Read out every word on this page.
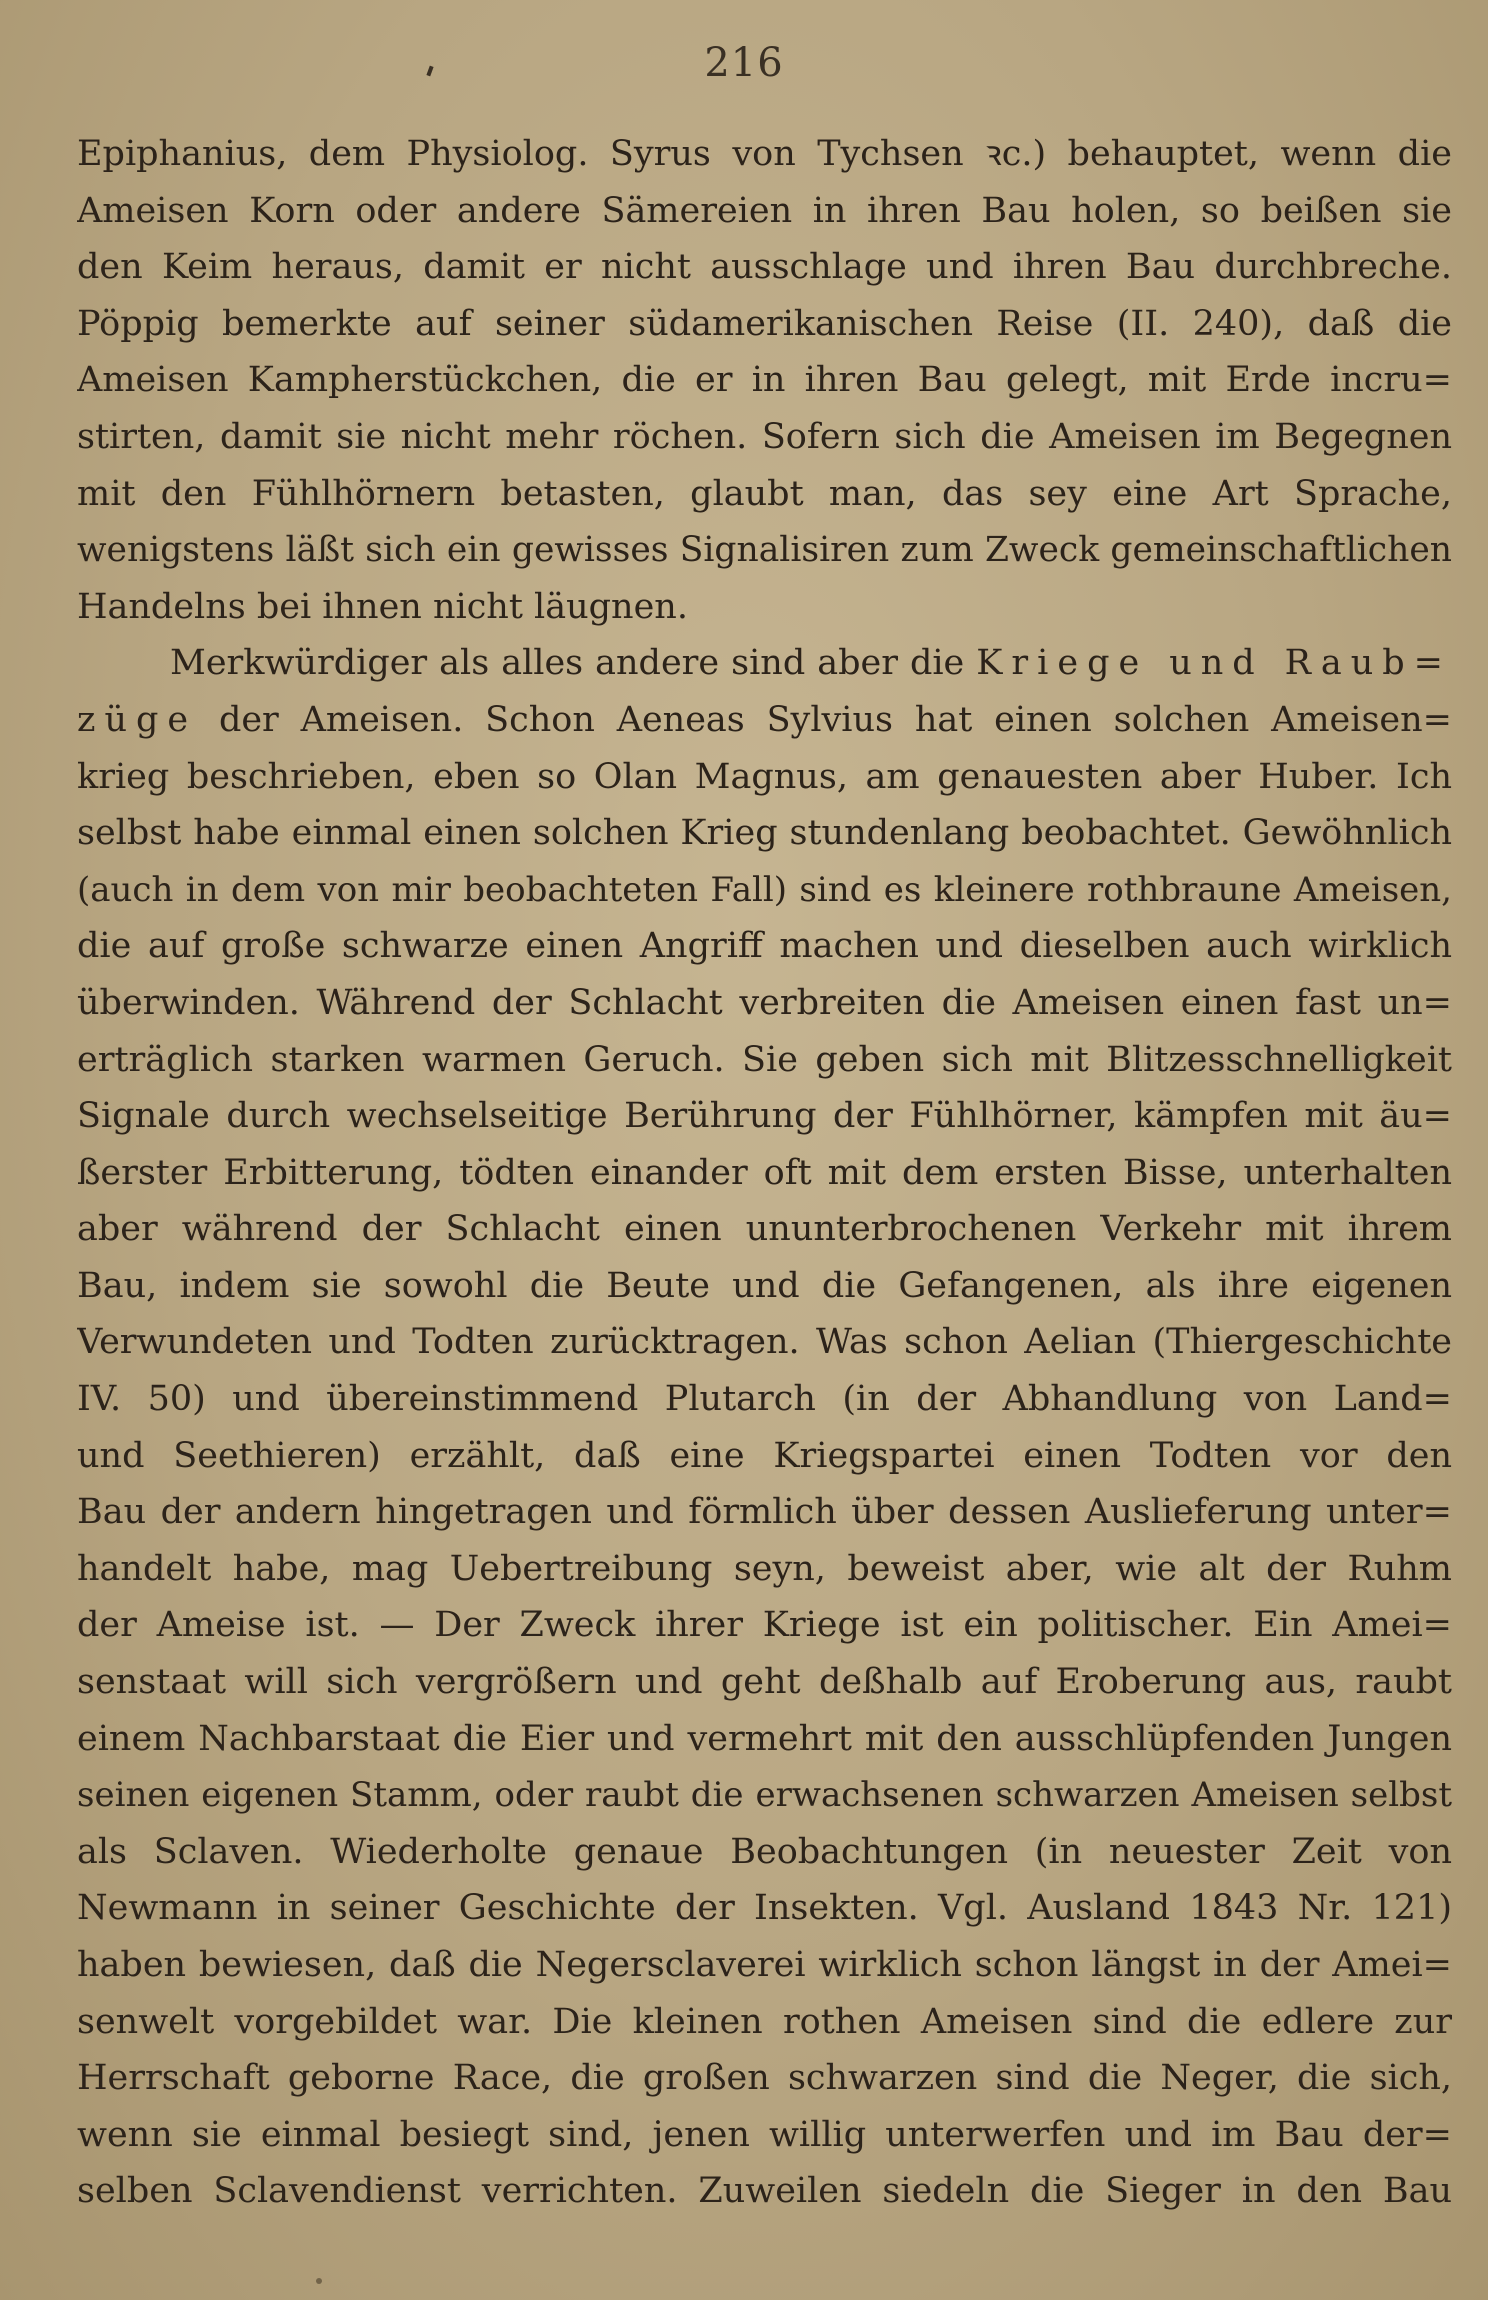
216
Epiphanius, dem Physiolog. Syrus von Tychsen ꝛc.) behauptet, wenn die
Ameisen Korn oder andere Sämereien in ihren Bau holen, so beißen sie
den Keim heraus, damit er nicht ausschlage und ihren Bau durchbreche.
Pöppig bemerkte auf seiner südamerikanischen Reise (II. 240), daß die
Ameisen Kampherstückchen, die er in ihren Bau gelegt, mit Erde incru=
stirten, damit sie nicht mehr röchen. Sofern sich die Ameisen im Begegnen
mit den Fühlhörnern betasten, glaubt man, das sey eine Art Sprache,
wenigstens läßt sich ein gewisses Signalisiren zum Zweck gemeinschaftlichen
Handelns bei ihnen nicht läugnen.
Merkwürdiger als alles andere sind aber die Kriege und Raub=
züge der Ameisen. Schon Aeneas Sylvius hat einen solchen Ameisen=
krieg beschrieben, eben so Olan Magnus, am genauesten aber Huber. Ich
selbst habe einmal einen solchen Krieg stundenlang beobachtet. Gewöhnlich
(auch in dem von mir beobachteten Fall) sind es kleinere rothbraune Ameisen,
die auf große schwarze einen Angriff machen und dieselben auch wirklich
überwinden. Während der Schlacht verbreiten die Ameisen einen fast un=
erträglich starken warmen Geruch. Sie geben sich mit Blitzesschnelligkeit
Signale durch wechselseitige Berührung der Fühlhörner, kämpfen mit äu=
ßerster Erbitterung, tödten einander oft mit dem ersten Bisse, unterhalten
aber während der Schlacht einen ununterbrochenen Verkehr mit ihrem
Bau, indem sie sowohl die Beute und die Gefangenen, als ihre eigenen
Verwundeten und Todten zurücktragen. Was schon Aelian (Thiergeschichte
IV. 50) und übereinstimmend Plutarch (in der Abhandlung von Land=
und Seethieren) erzählt, daß eine Kriegspartei einen Todten vor den
Bau der andern hingetragen und förmlich über dessen Auslieferung unter=
handelt habe, mag Uebertreibung seyn, beweist aber, wie alt der Ruhm
der Ameise ist. — Der Zweck ihrer Kriege ist ein politischer. Ein Amei=
senstaat will sich vergrößern und geht deßhalb auf Eroberung aus, raubt
einem Nachbarstaat die Eier und vermehrt mit den ausschlüpfenden Jungen
seinen eigenen Stamm, oder raubt die erwachsenen schwarzen Ameisen selbst
als Sclaven. Wiederholte genaue Beobachtungen (in neuester Zeit von
Newmann in seiner Geschichte der Insekten. Vgl. Ausland 1843 Nr. 121)
haben bewiesen, daß die Negersclaverei wirklich schon längst in der Amei=
senwelt vorgebildet war. Die kleinen rothen Ameisen sind die edlere zur
Herrschaft geborne Race, die großen schwarzen sind die Neger, die sich,
wenn sie einmal besiegt sind, jenen willig unterwerfen und im Bau der=
selben Sclavendienst verrichten. Zuweilen siedeln die Sieger in den Bau
